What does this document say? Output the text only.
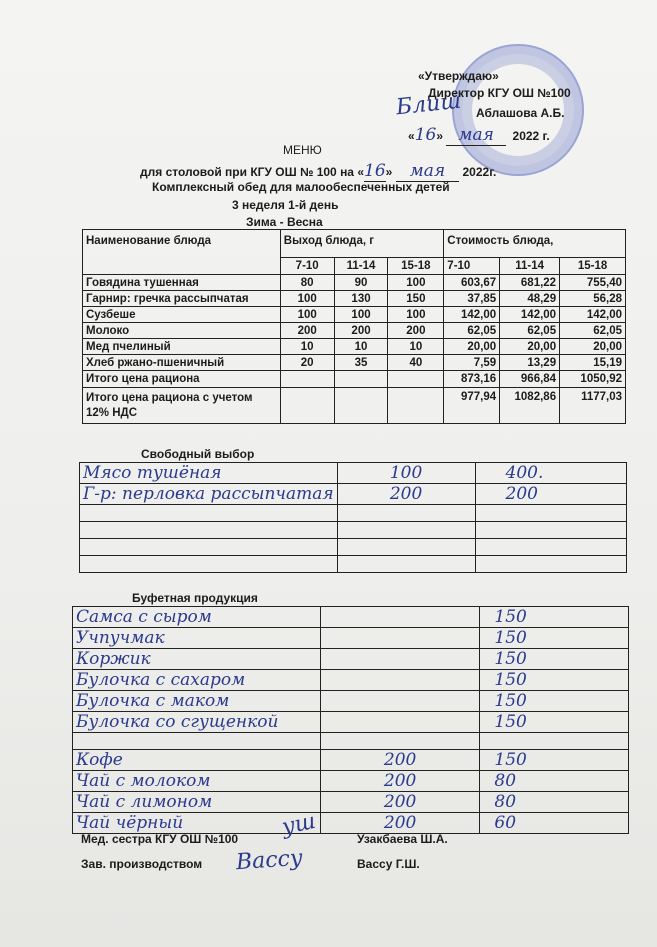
«Утверждаю»
Директор КГУ ОШ №100
Блиш Аблашова А.Б.
«16» мая 2022 г.
МЕНЮ
для столовой при КГУ ОШ № 100 на «16» мая 2022г.
Комплексный обед для малообеспеченных детей
3 неделя 1-й день
Зима - Весна
Наименование блюда	Выход блюда, г			Стоимость блюда,		
	7-10	11-14	15-18	7-10	11-14	15-18
Говядина тушенная	80	90	100	603,67	681,22	755,40
Гарнир: гречка рассыпчатая	100	130	150	37,85	48,29	56,28
Сузбеше	100	100	100	142,00	142,00	142,00
Молоко	200	200	200	62,05	62,05	62,05
Мед пчелиный	10	10	10	20,00	20,00	20,00
Хлеб ржано-пшеничный	20	35	40	7,59	13,29	15,19
Итого цена рациона				873,16	966,84	1050,92
Итого цена рациона с учетом 12% НДС				977,94	1082,86	1177,03
Свободный выбор
Мясо тушёная	100	400.
Г-р: перловка рассыпчатая	200	200

Буфетная продукция
Самса с сыром		150
Учпучмак		150
Коржик		150
Булочка с сахаром		150
Булочка с маком		150
Булочка со сгущенкой		150

Кофе	200	150
Чай с молоком	200	80
Чай с лимоном	200	80
Чай чёрный	200	60
Мед. сестра КГУ ОШ №100 уш	Узакбаева Ш.А.
Зав. производством Вассу	Вассу Г.Ш.
